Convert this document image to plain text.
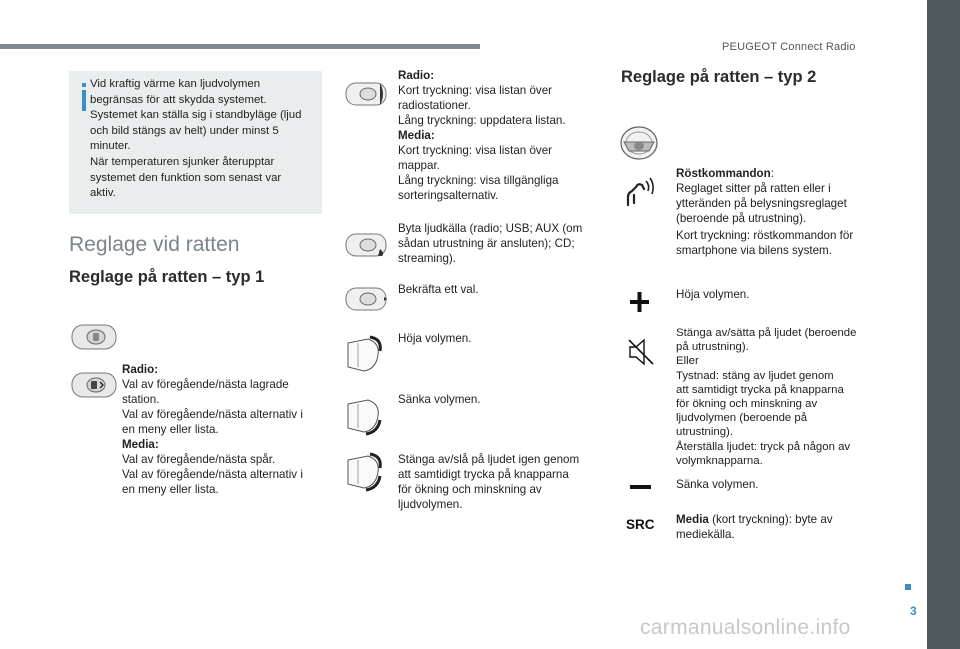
PEUGEOT Connect Radio
3
carmanualsonline.info
Vid kraftig värme kan ljudvolymen
begränsas för att skydda systemet.
Systemet kan ställa sig i standbyläge (ljud
och bild stängs av helt) under minst 5
minuter.
När temperaturen sjunker återupptar
systemet den funktion som senast var
aktiv.
Reglage vid ratten
Reglage på ratten – typ 1
Radio:
Val av föregående/nästa lagrade
station.
Val av föregående/nästa alternativ i
en meny eller lista.
Media:
Val av föregående/nästa spår.
Val av föregående/nästa alternativ i
en meny eller lista.
Radio:
Kort tryckning: visa listan över
radiostationer.
Lång tryckning: uppdatera listan.
Media:
Kort tryckning: visa listan över
mappar.
Lång tryckning: visa tillgängliga
sorteringsalternativ.
Byta ljudkälla (radio; USB; AUX (om
sådan utrustning är ansluten); CD;
streaming).
Bekräfta ett val.
Höja volymen.
Sänka volymen.
Stänga av/slå på ljudet igen genom
att samtidigt trycka på knapparna
för ökning och minskning av
ljudvolymen.
Reglage på ratten – typ 2
Röstkommandon:
Reglaget sitter på ratten eller i
ytteränden på belysningsreglaget
(beroende på utrustning).
Kort tryckning: röstkommandon för
smartphone via bilens system.
Höja volymen.
Stänga av/sätta på ljudet (beroende
på utrustning).
Eller
Tystnad: stäng av ljudet genom
att samtidigt trycka på knapparna
för ökning och minskning av
ljudvolymen (beroende på
utrustning).
Återställa ljudet: tryck på någon av
volymknapparna.
Sänka volymen.
SRC Media (kort tryckning): byte av
mediekälla.
